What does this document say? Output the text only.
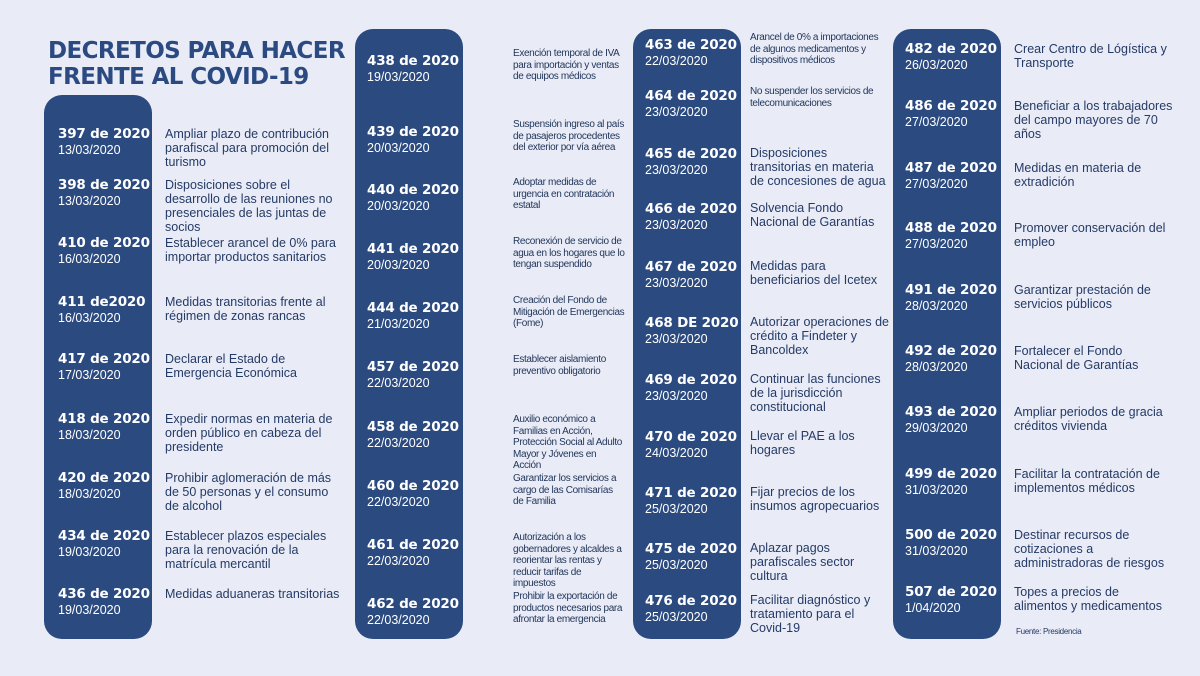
DECRETOS PARA HACER
FRENTE AL COVID-19
397 de 2020
13/03/2020
Ampliar plazo de contribución parafiscal para promoción del turismo
398 de 2020
13/03/2020
Disposiciones sobre el desarrollo de las reuniones no presenciales de las juntas de socios
410 de 2020
16/03/2020
Establecer arancel de 0% para importar productos sanitarios
411 de2020
16/03/2020
Medidas transitorias frente al régimen de zonas rancas
417 de 2020
17/03/2020
Declarar el Estado de Emergencia Económica
418 de 2020
18/03/2020
Expedir normas en materia de orden público en cabeza del presidente
420 de 2020
18/03/2020
Prohibir aglomeración de más de 50 personas y el consumo de alcohol
434 de 2020
19/03/2020
Establecer plazos especiales para la renovación de la matrícula mercantil
436 de 2020
19/03/2020
Medidas aduaneras transitorias
438 de 2020
19/03/2020
Exención temporal de IVA para importación y ventas de equipos médicos
439 de 2020
20/03/2020
Suspensión ingreso al país de pasajeros procedentes del exterior por vía aérea
440 de 2020
20/03/2020
Adoptar medidas de urgencia en contratación estatal
441 de 2020
20/03/2020
Reconexión de servicio de agua en los hogares que lo tengan suspendido
444 de 2020
21/03/2020
Creación del Fondo de Mitigación de Emergencias (Fome)
457 de 2020
22/03/2020
Establecer aislamiento preventivo obligatorio
458 de 2020
22/03/2020
Auxilio económico a Familias en Acción, Protección Social al Adulto Mayor y Jóvenes en Acción
460 de 2020
22/03/2020
Garantizar los servicios a cargo de las Comisarías de Familia
461 de 2020
22/03/2020
Autorización a los gobernadores y alcaldes a reorientar las rentas y reducir tarifas de impuestos
462 de 2020
22/03/2020
Prohibir la exportación de productos necesarios para afrontar la emergencia
463 de 2020
22/03/2020
Arancel de 0% a importaciones de algunos medicamentos y dispositivos médicos
464 de 2020
23/03/2020
No suspender los servicios de telecomunicaciones
465 de 2020
23/03/2020
Disposiciones transitorias en materia de concesiones de agua
466 de 2020
23/03/2020
Solvencia Fondo Nacional de Garantías
467 de 2020
23/03/2020
Medidas para beneficiarios del Icetex
468 DE 2020
23/03/2020
Autorizar operaciones de crédito a Findeter y Bancoldex
469 de 2020
23/03/2020
Continuar las funciones de la jurisdicción constitucional
470 de 2020
24/03/2020
Llevar el PAE a los hogares
471 de 2020
25/03/2020
Fijar precios de los insumos agropecuarios
475 de 2020
25/03/2020
Aplazar pagos parafiscales sector cultura
476 de 2020
25/03/2020
Facilitar diagnóstico y tratamiento para el Covid-19
482 de 2020
26/03/2020
Crear Centro de Lógística y Transporte
486 de 2020
27/03/2020
Beneficiar a los trabajadores del campo mayores de 70 años
487 de 2020
27/03/2020
Medidas en materia de extradición
488 de 2020
27/03/2020
Promover conservación del empleo
491 de 2020
28/03/2020
Garantizar prestación de servicios públicos
492 de 2020
28/03/2020
Fortalecer el Fondo Nacional de Garantías
493 de 2020
29/03/2020
Ampliar periodos de gracia créditos vivienda
499 de 2020
31/03/2020
Facilitar la contratación de implementos médicos
500 de 2020
31/03/2020
Destinar recursos de cotizaciones a administradoras de riesgos
507 de 2020
1/04/2020
Topes a precios de alimentos y medicamentos
Fuente: Presidencia
